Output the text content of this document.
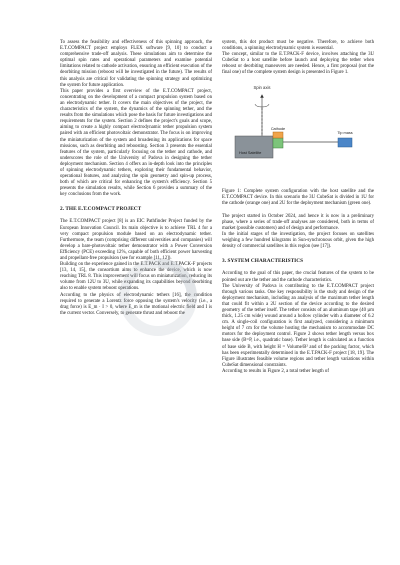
To assess the feasibility and effectiveness of this spinning approach, the E.T.COMPACT project employs FLEX software [9, 10] to conduct a comprehensive trade-off analysis. These simulations aim to determine the optimal spin rates and operational parameters and examine potential limitations related to cathode activation, ensuring an efficient execution of the deorbiting mission (reboost will be investigated in the future). The results of this analysis are critical for validating the spinning strategy and optimizing the system for future application.

This paper provides a first overview of the E.T.COMPACT project, concentrating on the development of a compact propulsion system based on an electrodynamic tether. It covers the main objectives of the project, the characteristics of the system, the dynamics of the spinning tether, and the results from the simulations which pose the basis for future investigations and requirements for the system. Section 2 defines the project's goals and scope, aiming to create a highly compact electrodynamic tether propulsion system paired with an efficient photovoltaic demonstrator. The focus is on improving the miniaturization of the system and broadening its applications for space missions, such as deorbiting and reboosting. Section 3 presents the essential features of the system, particularly focusing on the tether and cathode, and underscores the role of the University of Padova in designing the tether deployment mechanism. Section 4 offers an in-depth look into the principles of spinning electrodynamic tethers, exploring their fundamental behavior, operational features, and analyzing the spin geometry and spin-up process, both of which are critical for enhancing the system's efficiency. Section 5 presents the simulation results, while Section 6 provides a summary of the key conclusions from the work.

2. THE E.T.COMPACT PROJECT

The E.T.COMPACT project [8] is an EIC Pathfinder Project funded by the European Innovation Council. Its main objective is to achieve TRL 4 for a very compact propulsion module based on an electrodynamic tether. Furthermore, the team (comprising different universities and companies) will develop a bare-photovoltaic tether demonstrator with a Power Conversion Efficiency (PCE) exceeding 12%, capable of both efficient power harvesting and propellant-free propulsion (see for example [11, 12]).

Building on the experience gained in the E.T.PACK and E.T.PACK-F projects [13, 14, 15], the consortium aims to enhance the device, which is now reaching TRL 8. This improvement will focus on miniaturization, reducing its volume from 12U to 3U, while expanding its capabilities beyond deorbiting also to enable system reboost operations.

According to the physics of electrodynamic tethers [16], the condition required to generate a Lorentz force opposing the system's velocity (i.e., a drag force) is E_m · I > 0, where E_m is the motional electric field and I is the current vector. Conversely, to generate thrust and reboost the

system, this dot product must be negative. Therefore, to achieve both conditions, a spinning electrodynamic system is essential.

The concept, similar to the E.T.PACK-F device, involves attaching the 3U CubeSat to a host satellite before launch and deploying the tether when reboost or deorbiting maneuvers are needed. Hence, a first proposal (not the final one) of the complete system design is presented in Figure 1.

Spin axis
Host Satellite
Cathode
Tip mass

Figure 1: Complete system configuration with the host satellite and the E.T.COMPACT device. In this scenario the 3U CubeSat is divided in 1U for the cathode (orange one) and 2U for the deployment mechanism (green one).

The project started in October 2024, and hence it is now in a preliminary phase, where a series of trade-off analyses are considered, both in terms of market (possible customers) and of design and performance.

In the initial stages of the investigation, the project focuses on satellites weighing a few hundred kilograms in Sun-synchronous orbit, given the high density of commercial satellites in this region (see [17]).

3. SYSTEM CHARACTERISTICS

According to the goal of this paper, the crucial features of the system to be pointed out are the tether and the cathode characteristics.

The University of Padova is contributing to the E.T.COMPACT project through various tasks. One key responsibility is the study and design of the deployment mechanism, including an analysis of the maximum tether length that could fit within a 2U section of the device according to the desired geometry of the tether itself. The tether consists of an aluminum tape (40 µm thick, 1.25 cm wide) wound around a hollow cylinder with a diameter of 6.2 cm. A single-coil configuration is first analyzed, considering a minimum height of 7 cm for the volume hosting the mechanism to accommodate DC motors for the deployment control. Figure 2 shows tether length versus box base side (B=P, i.e., quadratic base). Tether length is calculated as a function of base side B, with height H = Volume/B² and of the packing factor, which has been experimentally determined in the E.T.PACK-F project [18, 19]. The Figure illustrates feasible volume regions and tether length variations within CubeSat dimensional constraints.

According to results in Figure 2, a total tether length of
